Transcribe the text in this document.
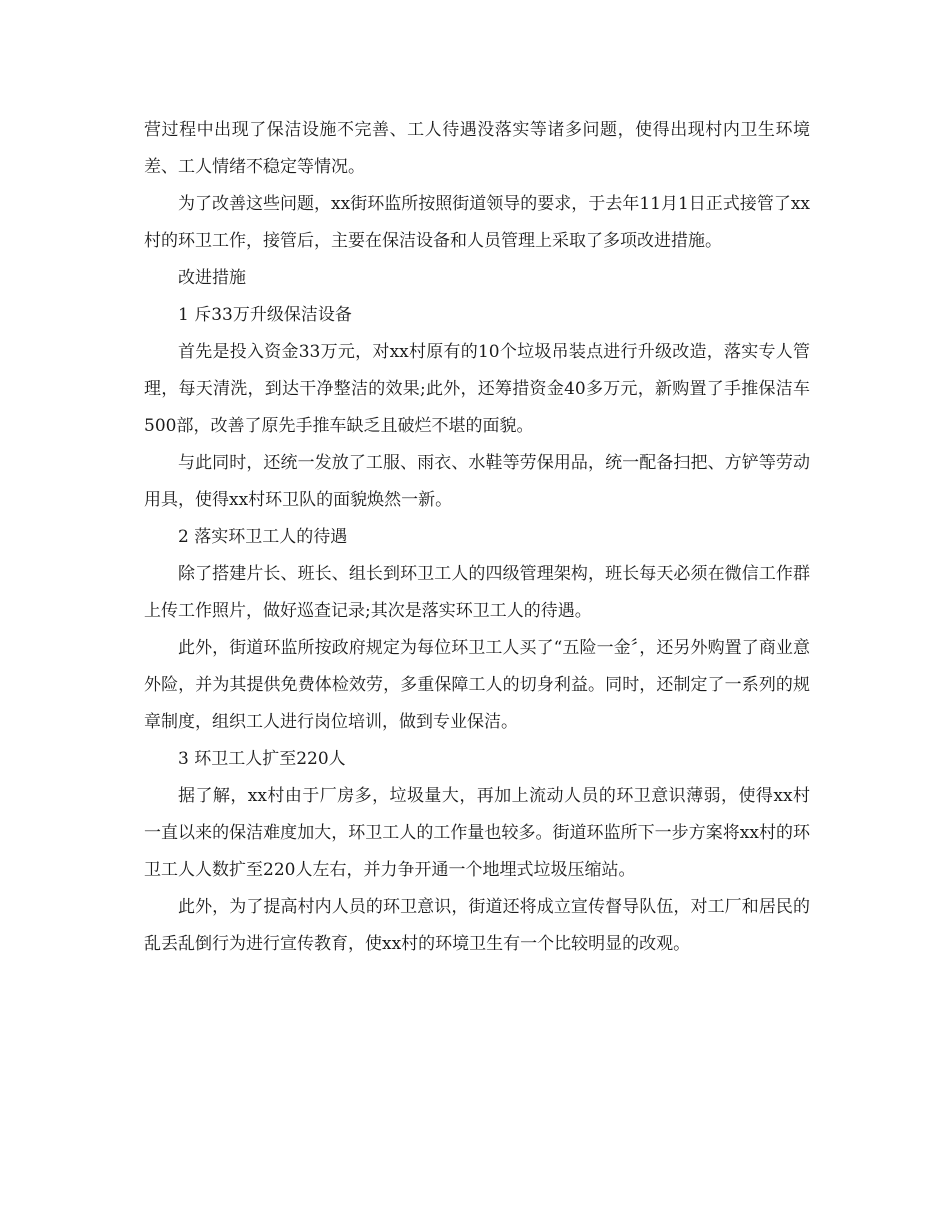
营过程中出现了保洁设施不完善、工人待遇没落实等诸多问题，使得出现村内卫生环境差、工人情绪不稳定等情况。

为了改善这些问题，xx街环监所按照街道领导的要求，于去年11月1日正式接管了xx村的环卫工作，接管后，主要在保洁设备和人员管理上采取了多项改进措施。

改进措施

1 斥33万升级保洁设备

首先是投入资金33万元，对xx村原有的10个垃圾吊装点进行升级改造，落实专人管理，每天清洗，到达干净整洁的效果;此外，还筹措资金40多万元，新购置了手推保洁车500部，改善了原先手推车缺乏且破烂不堪的面貌。

与此同时，还统一发放了工服、雨衣、水鞋等劳保用品，统一配备扫把、方铲等劳动用具，使得xx村环卫队的面貌焕然一新。

2 落实环卫工人的待遇

除了搭建片长、班长、组长到环卫工人的四级管理架构，班长每天必须在微信工作群上传工作照片，做好巡查记录;其次是落实环卫工人的待遇。

此外，街道环监所按政府规定为每位环卫工人买了“五险一金〞，还另外购置了商业意外险，并为其提供免费体检效劳，多重保障工人的切身利益。同时，还制定了一系列的规章制度，组织工人进行岗位培训，做到专业保洁。

3 环卫工人扩至220人

据了解，xx村由于厂房多，垃圾量大，再加上流动人员的环卫意识薄弱，使得xx村一直以来的保洁难度加大，环卫工人的工作量也较多。街道环监所下一步方案将xx村的环卫工人人数扩至220人左右，并力争开通一个地埋式垃圾压缩站。

此外，为了提高村内人员的环卫意识，街道还将成立宣传督导队伍，对工厂和居民的乱丢乱倒行为进行宣传教育，使xx村的环境卫生有一个比较明显的改观。
